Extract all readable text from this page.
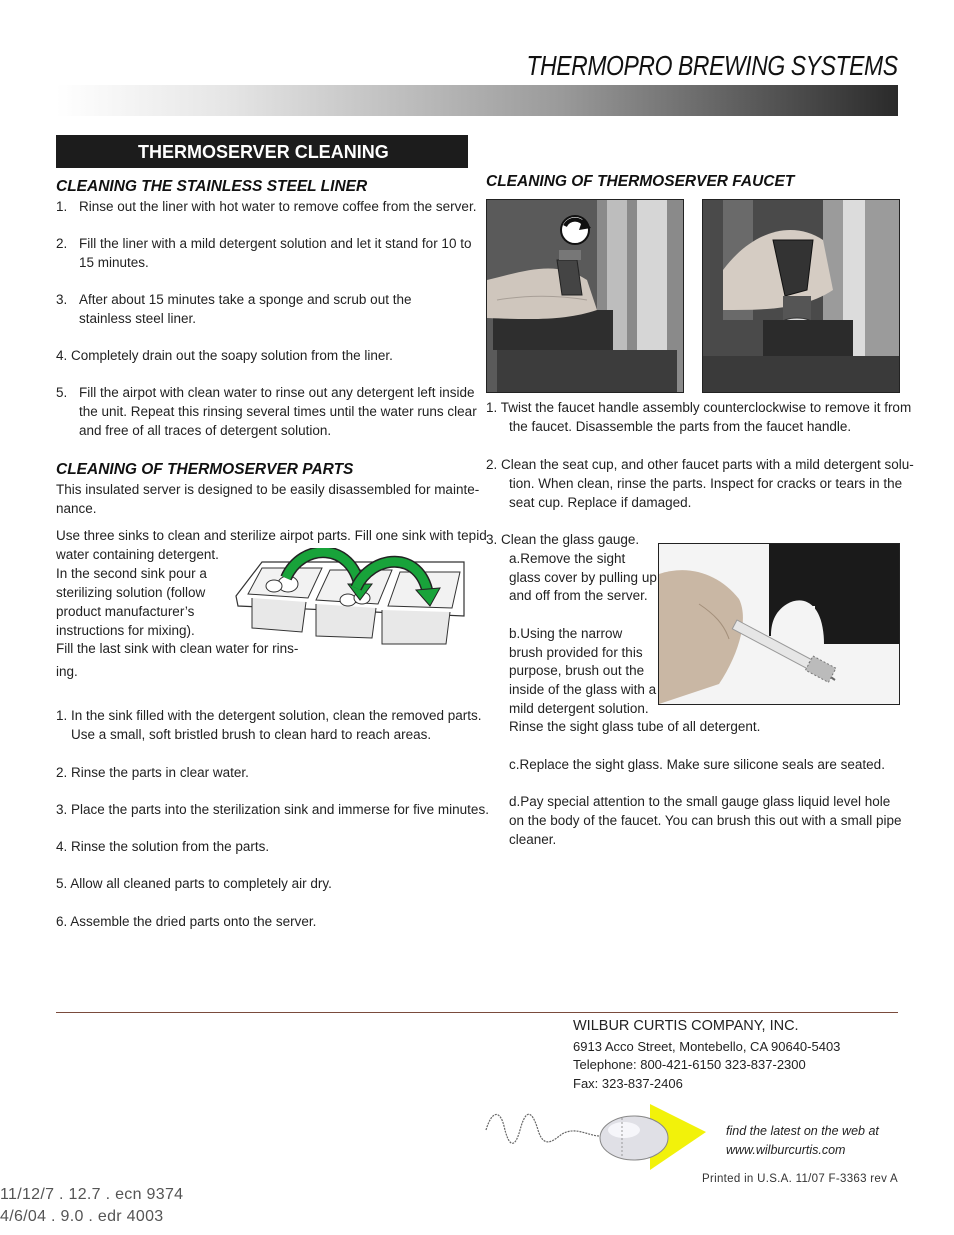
THERMOPRO BREWING SYSTEMS
THERMOSERVER CLEANING
CLEANING THE STAINLESS STEEL LINER
1. Rinse out the liner with hot water to remove coffee from the server.
2. Fill the liner with a mild detergent solution and let it stand for 10 to
15 minutes.
3. After about 15 minutes take a sponge and scrub out the
stainless steel liner.
4. Completely drain out the soapy solution from the liner.
5. Fill the airpot with clean water to rinse out any detergent left inside
the unit. Repeat this rinsing several times until the water runs clear
and free of all traces of detergent solution.
CLEANING OF THERMOSERVER PARTS
This insulated server is designed to be easily disassembled for mainte-
nance.
Use three sinks to clean and sterilize airpot parts. Fill one sink with tepid
water containing detergent.
In the second sink pour a
sterilizing solution (follow
product manufacturer’s
instructions for mixing).
Fill the last sink with clean water for rins-
ing.
1. In the sink filled with the detergent solution, clean the removed parts.
Use a small, soft bristled brush to clean hard to reach areas.
2. Rinse the parts in clear water.
3. Place the parts into the sterilization sink and immerse for five minutes.
4. Rinse the solution from the parts.
5. Allow all cleaned parts to completely air dry.
6. Assemble the dried parts onto the server.
CLEANING OF THERMOSERVER FAUCET
1. Twist the faucet handle assembly counterclockwise to remove it from
the faucet. Disassemble the parts from the faucet handle.
2. Clean the seat cup, and other faucet parts with a mild detergent solu-
tion. When clean, rinse the parts. Inspect for cracks or tears in the
seat cup. Replace if damaged.
3. Clean the glass gauge.
a.Remove the sight
glass cover by pulling up
and off from the server.
b.Using the narrow
brush provided for this
purpose, brush out the
inside of the glass with a
mild detergent solution.
Rinse the sight glass tube of all detergent.
c.Replace the sight glass. Make sure silicone seals are seated.
d.Pay special attention to the small gauge glass liquid level hole
on the body of the faucet. You can brush this out with a small pipe
cleaner.
WILBUR CURTIS COMPANY, INC.
6913 Acco Street, Montebello, CA 90640-5403
Telephone: 800-421-6150 323-837-2300
Fax: 323-837-2406
find the latest on the web at
www.wilburcurtis.com
Printed in U.S.A. 11/07 F-3363 rev A
11/12/7 . 12.7 . ecn 9374
4/6/04 . 9.0 . edr 4003
